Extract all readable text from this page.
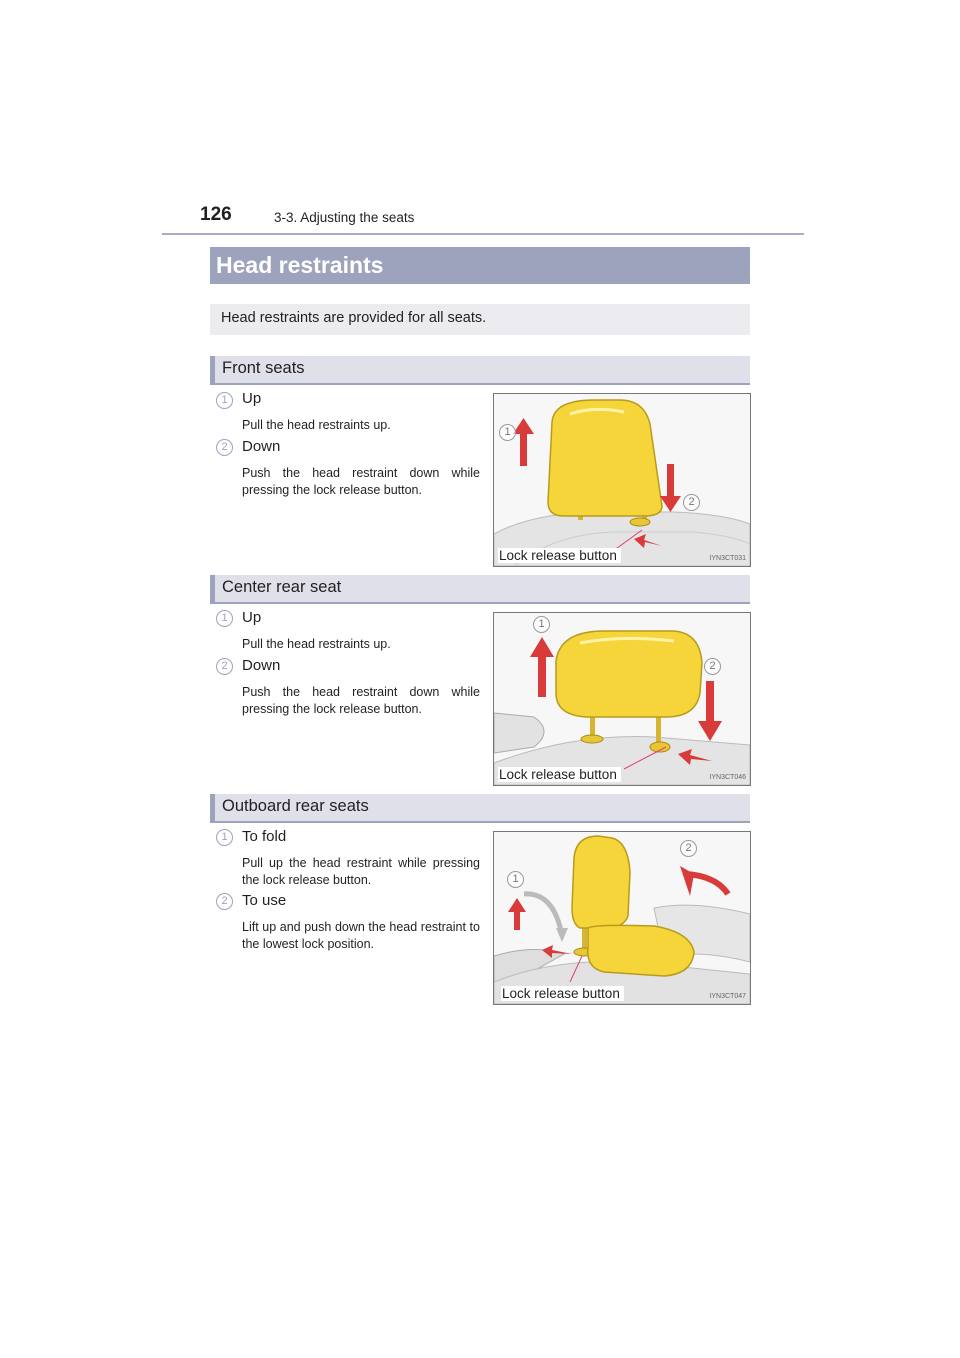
126	3-3. Adjusting the seats
Head restraints
Head restraints are provided for all seats.
Front seats
1 Up
Pull the head restraints up.
2 Down
Push the head restraint down while pressing the lock release button.
1
2
Lock release button	IYN3CT031
Center rear seat
1 Up
Pull the head restraints up.
2 Down
Push the head restraint down while pressing the lock release button.
1
2
Lock release button	IYN3CT046
Outboard rear seats
1 To fold
Pull up the head restraint while pressing the lock release button.
2 To use
Lift up and push down the head restraint to the lowest lock position.
1
2
Lock release button	IYN3CT047
